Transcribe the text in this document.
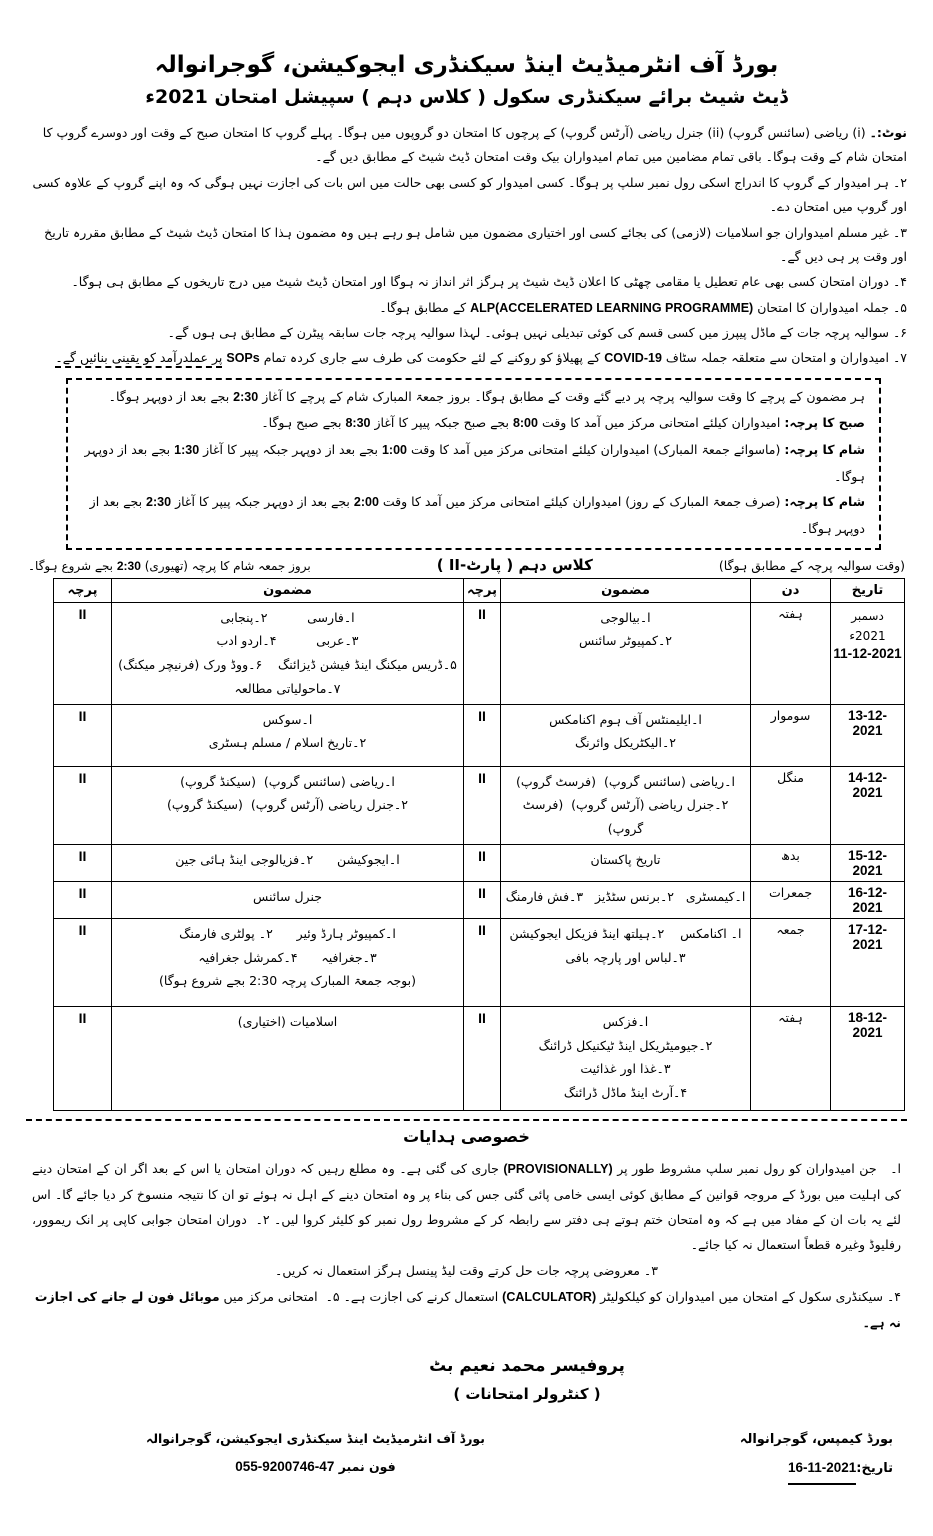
بورڈ آف انٹرمیڈیٹ اینڈ سیکنڈری ایجوکیشن، گوجرانوالہ
ڈیٹ شیٹ برائے سیکنڈری سکول ( کلاس دہم ) سپیشل امتحان 2021ء

نوٹ:۔ (i) ریاضی (سائنس گروپ) (ii) جنرل ریاضی (آرٹس گروپ) کے پرچوں کا امتحان دو گروپوں میں ہوگا۔ پہلے گروپ کا امتحان صبح کے وقت اور دوسرے گروپ کا امتحان شام کے وقت ہوگا۔ باقی تمام مضامین میں تمام امیدواران بیک وقت امتحان ڈیٹ شیٹ کے مطابق دیں گے۔

۲۔ ہر امیدوار کے گروپ کا اندراج اسکی رول نمبر سلپ پر ہوگا۔ کسی امیدوار کو کسی بھی حالت میں اس بات کی اجازت نہیں ہوگی کہ وہ اپنے گروپ کے علاوہ کسی اور گروپ میں امتحان دے۔

۳۔ غیر مسلم امیدواران جو اسلامیات (لازمی) کی بجائے کسی اور اختیاری مضمون میں شامل ہو رہے ہیں وہ مضمون ہذا کا امتحان ڈیٹ شیٹ کے مطابق مقررہ تاریخ اور وقت پر ہی دیں گے۔

۴۔ دوران امتحان کسی بھی عام تعطیل یا مقامی چھٹی کا اعلان ڈیٹ شیٹ پر ہرگز اثر انداز نہ ہوگا اور امتحان ڈیٹ شیٹ میں درج تاریخوں کے مطابق ہی ہوگا۔

۵۔ جملہ امیدواران کا امتحان ALP(ACCELERATED LEARNING PROGRAMME) کے مطابق ہوگا۔

۶۔ سوالیہ پرچہ جات کے ماڈل پیپرز میں کسی قسم کی کوئی تبدیلی نہیں ہوئی۔ لہذا سوالیہ پرچہ جات سابقہ پیٹرن کے مطابق ہی ہوں گے۔

۷۔ امیدواران و امتحان سے متعلقہ جملہ سٹاف COVID-19 کے پھیلاؤ کو روکنے کے لئے حکومت کی طرف سے جاری کردہ تمام SOPs پر عملدرآمد کو یقینی بنائیں گے۔

ہر مضمون کے پرچے کا وقت سوالیہ پرچہ پر دیے گئے وقت کے مطابق ہوگا۔ بروز جمعۃ المبارک شام کے پرچے کا آغاز 2:30 بجے بعد از دوپہر ہوگا۔

صبح کا پرچہ: امیدواران کیلئے امتحانی مرکز میں آمد کا وقت 8:00 بجے صبح جبکہ پیپر کا آغاز 8:30 بجے صبح ہوگا۔

شام کا پرچہ: (ماسوائے جمعۃ المبارک) امیدواران کیلئے امتحانی مرکز میں آمد کا وقت 1:00 بجے بعد از دوپہر جبکہ پیپر کا آغاز 1:30 بجے بعد از دوپہر ہوگا۔

شام کا پرچہ: (صرف جمعۃ المبارک کے روز) امیدواران کیلئے امتحانی مرکز میں آمد کا وقت 2:00 بجے بعد از دوپہر جبکہ پیپر کا آغاز 2:30 بجے بعد از دوپہر ہوگا۔

(وقت سوالیہ پرچہ کے مطابق ہوگا)
کلاس دہم ( پارٹ-II )
بروز جمعہ شام کا پرچہ (تھیوری) 2:30 بجے شروع ہوگا۔
تاریخ	دن	مضمون	پرچہ	مضمون	پرچہ

دسمبر 2021ء
11-12-2021	ہفتہ	ا۔بیالوجی
۲۔کمپیوٹر سائنس	II	ا۔فارسی          ۲۔پنجابی
۳۔عربی          ۴۔اردو ادب
۵۔ڈریس میکنگ اینڈ فیشن ڈیزائنگ    ۶۔ووڈ ورک (فرنیچر میکنگ)
۷۔ماحولیاتی مطالعہ	II
13-12-2021	سوموار	ا۔ایلیمنٹس آف ہوم اکنامکس
۲۔الیکٹریکل وائرنگ	II	ا۔سوکس
۲۔تاریخ اسلام / مسلم ہسٹری	II
14-12-2021	منگل	ا۔ریاضی (سائنس گروپ)  (فرسٹ گروپ)
۲۔جنرل ریاضی (آرٹس گروپ)  (فرسٹ گروپ)	II	ا۔ریاضی (سائنس گروپ)  (سیکنڈ گروپ)
۲۔جنرل ریاضی (آرٹس گروپ)  (سیکنڈ گروپ)	II
15-12-2021	بدھ	تاریخ پاکستان	II	ا۔ایجوکیشن      ۲۔فزیالوجی اینڈ ہائی جین	II
16-12-2021	جمعرات	ا۔کیمسٹری   ۲۔برنس سٹڈیز   ۳۔فش فارمنگ	II	جنرل سائنس	II
17-12-2021	جمعہ	ا۔ اکنامکس    ۲۔ہیلتھ اینڈ فزیکل ایجوکیشن
۳۔لباس اور پارچہ بافی	II	ا۔کمپیوٹر ہارڈ وئیر      ۲۔ پولٹری فارمنگ
۳۔جغرافیہ      ۴۔کمرشل جغرافیہ
(بوجہ جمعۃ المبارک پرچہ 2:30 بجے شروع ہوگا)	II
18-12-2021	ہفتہ	ا۔فزکس
۲۔جیومیٹریکل اینڈ ٹیکنیکل ڈرائنگ
۳۔غذا اور غذائیت
۴۔آرٹ اینڈ ماڈل ڈرائنگ	II	اسلامیات (اختیاری)	II
خصوصی ہدایات

ا۔   جن امیدواران کو رول نمبر سلپ مشروط طور پر (PROVISIONALLY) جاری کی گئی ہے۔ وہ مطلع رہیں کہ دوران امتحان یا اس کے بعد اگر ان کے امتحان دینے کی اہلیت میں بورڈ کے مروجہ قوانین کے مطابق کوئی ایسی خامی پائی گئی جس کی بناء پر وہ امتحان دینے کے اہل نہ ہوئے تو ان کا نتیجہ منسوخ کر دیا جائے گا۔ اس لئے یہ بات ان کے مفاد میں ہے کہ وہ امتحان ختم ہوتے ہی دفتر سے رابطہ کر کے مشروط رول نمبر کو کلیئر کروا لیں۔ ۲۔  دوران امتحان جوابی کاپی پر انک ریموور، رفلیوڈ وغیرہ قطعاً استعمال نہ کیا جائے۔

۳۔ معروضی پرچہ جات حل کرتے وقت لیڈ پینسل ہرگز استعمال نہ کریں۔

۴۔ سیکنڈری سکول کے امتحان میں امیدواران کو کیلکولیٹر (CALCULATOR) استعمال کرنے کی اجازت ہے۔ ۵۔  امتحانی مرکز میں موبائل فون لے جانے کی اجازت نہ ہے۔

پروفیسر محمد نعیم بٹ
( کنٹرولر امتحانات )
بورڈ کیمپس، گوجرانوالہ
تاریخ:16-11-2021
بورڈ آف انٹرمیڈیٹ اینڈ سیکنڈری ایجوکیشن، گوجرانوالہ
فون نمبر 055-9200746-47
